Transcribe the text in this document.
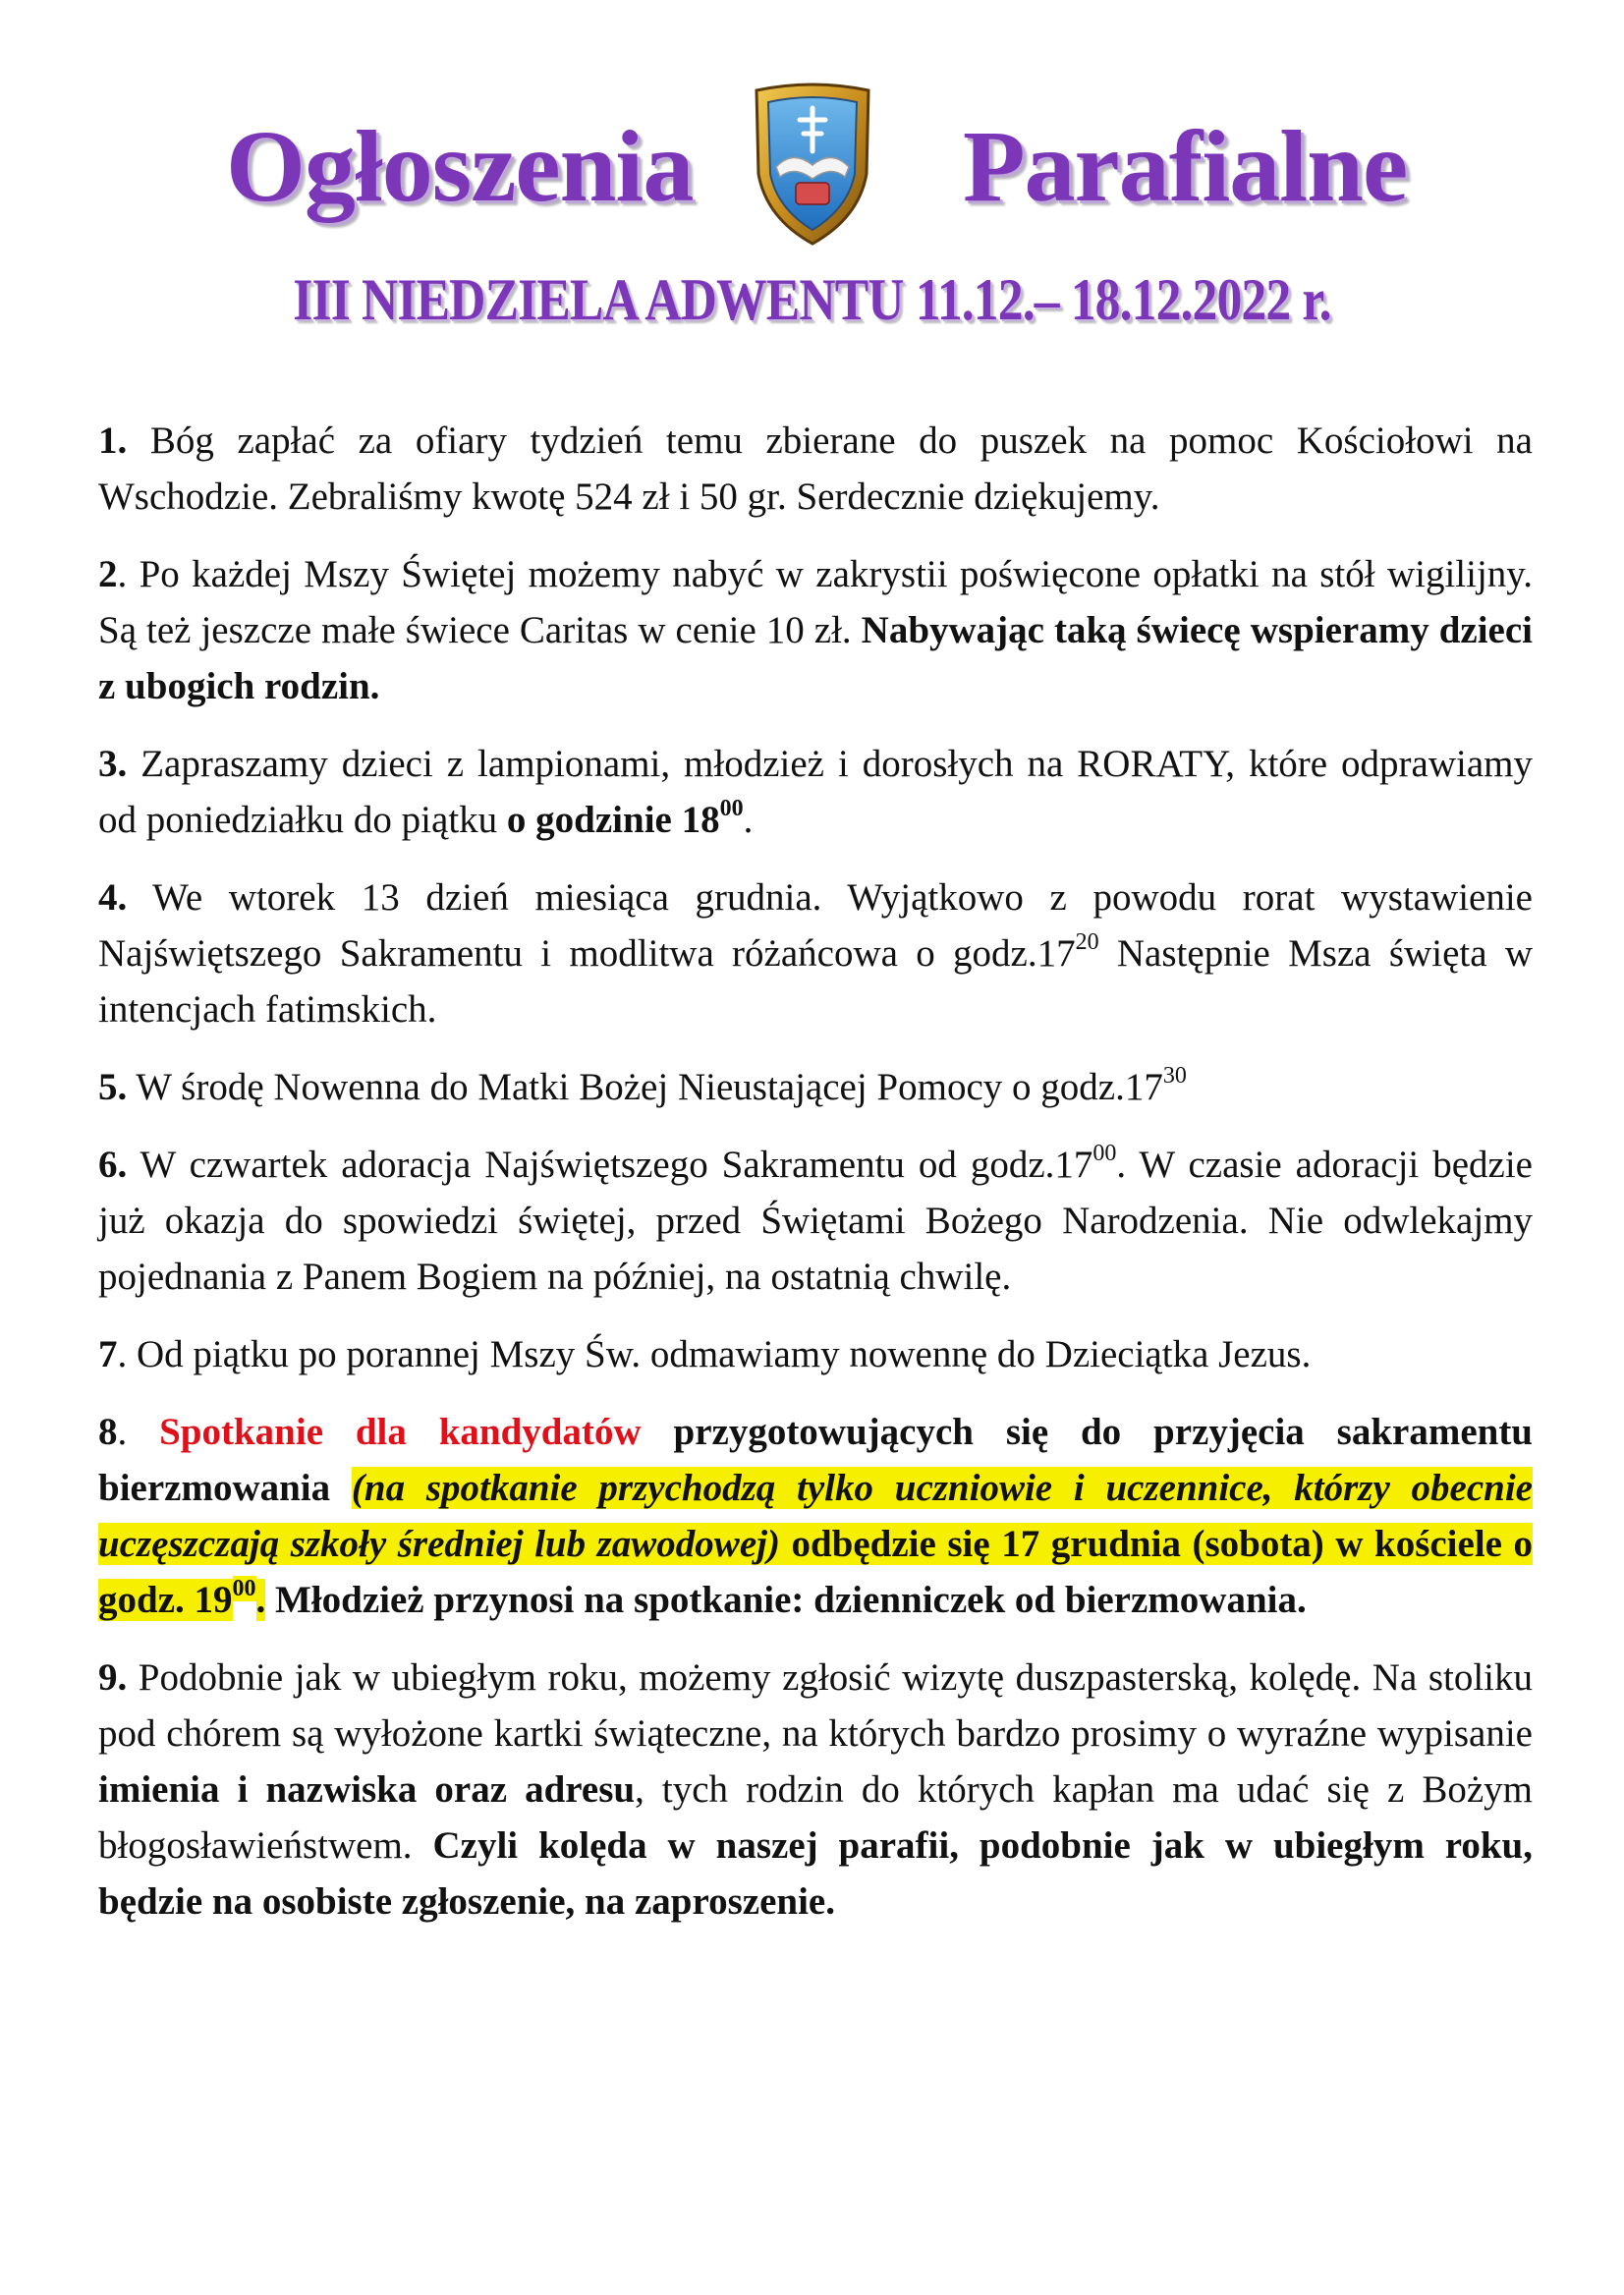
Ogłoszenia	Parafialne
III NIEDZIELA ADWENTU 11.12.– 18.12.2022 r.

1. Bóg zapłać za ofiary tydzień temu zbierane do puszek na pomoc Kościołowi na Wschodzie. Zebraliśmy kwotę 524 zł i 50 gr. Serdecznie dziękujemy.

2. Po każdej Mszy Świętej możemy nabyć w zakrystii poświęcone opłatki na stół wigilijny. Są też jeszcze małe świece Caritas w cenie 10 zł. Nabywając taką świecę wspieramy dzieci z ubogich rodzin.

3. Zapraszamy dzieci z lampionami, młodzież i dorosłych na RORATY, które odprawiamy od poniedziałku do piątku o godzinie $18^{00}$.

4. We wtorek 13 dzień miesiąca grudnia. Wyjątkowo z powodu rorat wystawienie Najświętszego Sakramentu i modlitwa różańcowa o $godz.17^{20}$ Następnie Msza święta w intencjach fatimskich.

5. W środę Nowenna do Matki Bożej Nieustającej Pomocy o $godz.17^{30}$

6. W czwartek adoracja Najświętszego Sakramentu od $godz.17^{00}$. W czasie adoracji będzie już okazja do spowiedzi świętej, przed Świętami Bożego Narodzenia. Nie odwlekajmy pojednania z Panem Bogiem na później, na ostatnią chwilę.

7. Od piątku po porannej Mszy Św. odmawiamy nowennę do Dzieciątka Jezus.

8. Spotkanie dla kandydatów przygotowujących się do przyjęcia sakramentu bierzmowania (na spotkanie przychodzą tylko uczniowie i uczennice, którzy obecnie uczęszczają szkoły średniej lub zawodowej) odbędzie się 17 grudnia (sobota) w kościele o godz. $19^{00}$. Młodzież przynosi na spotkanie: dzienniczek od bierzmowania.

9. Podobnie jak w ubiegłym roku, możemy zgłosić wizytę duszpasterską, kolędę. Na stoliku pod chórem są wyłożone kartki świąteczne, na których bardzo prosimy o wyraźne wypisanie imienia i nazwiska oraz adresu, tych rodzin do których kapłan ma udać się z Bożym błogosławieństwem. Czyli kolęda w naszej parafii, podobnie jak w ubiegłym roku, będzie na osobiste zgłoszenie, na zaproszenie.
